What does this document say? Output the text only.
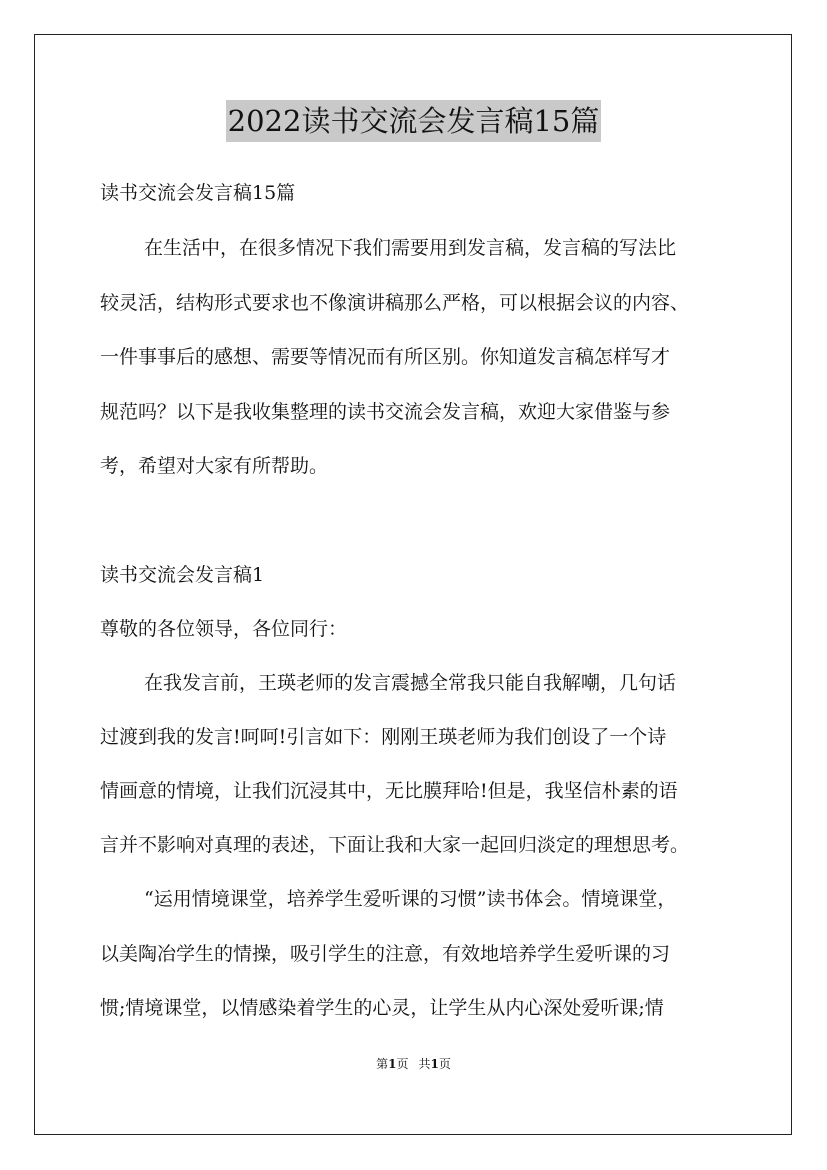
2022读书交流会发言稿15篇
读书交流会发言稿15篇
在生活中，在很多情况下我们需要用到发言稿，发言稿的写法比
较灵活，结构形式要求也不像演讲稿那么严格，可以根据会议的内容、
一件事事后的感想、需要等情况而有所区别。你知道发言稿怎样写才
规范吗？以下是我收集整理的读书交流会发言稿，欢迎大家借鉴与参
考，希望对大家有所帮助。
读书交流会发言稿1
尊敬的各位领导，各位同行：
在我发言前，王瑛老师的发言震撼全常我只能自我解嘲，几句话
过渡到我的发言!呵呵!引言如下：刚刚王瑛老师为我们创设了一个诗
情画意的情境，让我们沉浸其中，无比膜拜哈!但是，我坚信朴素的语
言并不影响对真理的表述，下面让我和大家一起回归淡定的理想思考。
“运用情境课堂，培养学生爱听课的习惯”读书体会。情境课堂，
以美陶冶学生的情操，吸引学生的注意，有效地培养学生爱听课的习
惯;情境课堂，以情感染着学生的心灵，让学生从内心深处爱听课;情
第1页 共1页
